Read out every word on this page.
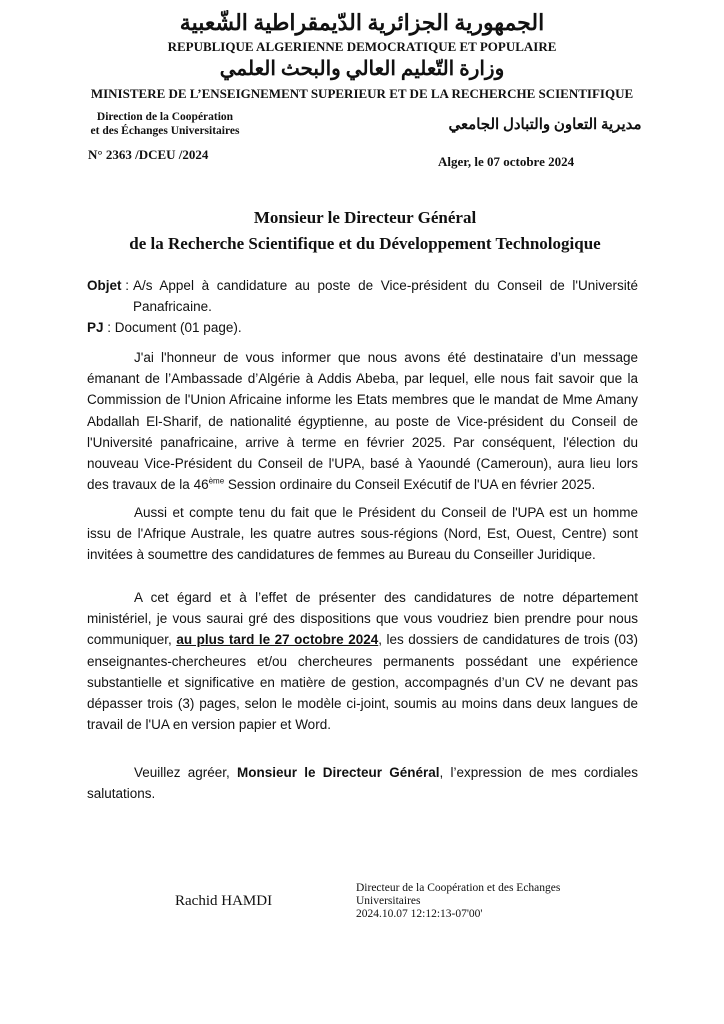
الجمهورية الجزائرية الدّيمقراطية الشّعبية
REPUBLIQUE ALGERIENNE DEMOCRATIQUE ET POPULAIRE
وزارة التّعليم العالي والبحث العلمي
MINISTERE DE L’ENSEIGNEMENT SUPERIEUR ET DE LA RECHERCHE SCIENTIFIQUE
Direction de la Coopération
et des Échanges Universitaires	مديرية التعاون والتبادل الجامعي
N° 2363 /DCEU /2024	Alger, le 07 octobre 2024
Monsieur le Directeur Général
de la Recherche Scientifique et du Développement Technologique
Objet : A/s Appel à candidature au poste de Vice-président du Conseil de l'Université Panafricaine.
PJ : Document (01 page).
J'ai l'honneur de vous informer que nous avons été destinataire d’un message émanant de l’Ambassade d’Algérie à Addis Abeba, par lequel, elle nous fait savoir que la Commission de l'Union Africaine informe les Etats membres que le mandat de Mme Amany Abdallah El-Sharif, de nationalité égyptienne, au poste de Vice-président du Conseil de l'Université panafricaine, arrive à terme en février 2025. Par conséquent, l'élection du nouveau Vice-Président du Conseil de l'UPA, basé à Yaoundé (Cameroun), aura lieu lors des travaux de la 46ème Session ordinaire du Conseil Exécutif de l'UA en février 2025.
Aussi et compte tenu du fait que le Président du Conseil de l'UPA est un homme issu de l'Afrique Australe, les quatre autres sous-régions (Nord, Est, Ouest, Centre) sont invitées à soumettre des candidatures de femmes au Bureau du Conseiller Juridique.
A cet égard et à l’effet de présenter des candidatures de notre département ministériel, je vous saurai gré des dispositions que vous voudriez bien prendre pour nous communiquer, au plus tard le 27 octobre 2024, les dossiers de candidatures de trois (03) enseignantes-chercheures et/ou chercheures permanents possédant une expérience substantielle et significative en matière de gestion, accompagnés d’un CV ne devant pas dépasser trois (3) pages, selon le modèle ci-joint, soumis au moins dans deux langues de travail de l'UA en version papier et Word.
Veuillez agréer, Monsieur le Directeur Général, l’expression de mes cordiales salutations.
Rachid HAMDI
Directeur de la Coopération et des Echanges
Universitaires
2024.10.07 12:12:13-07'00'
